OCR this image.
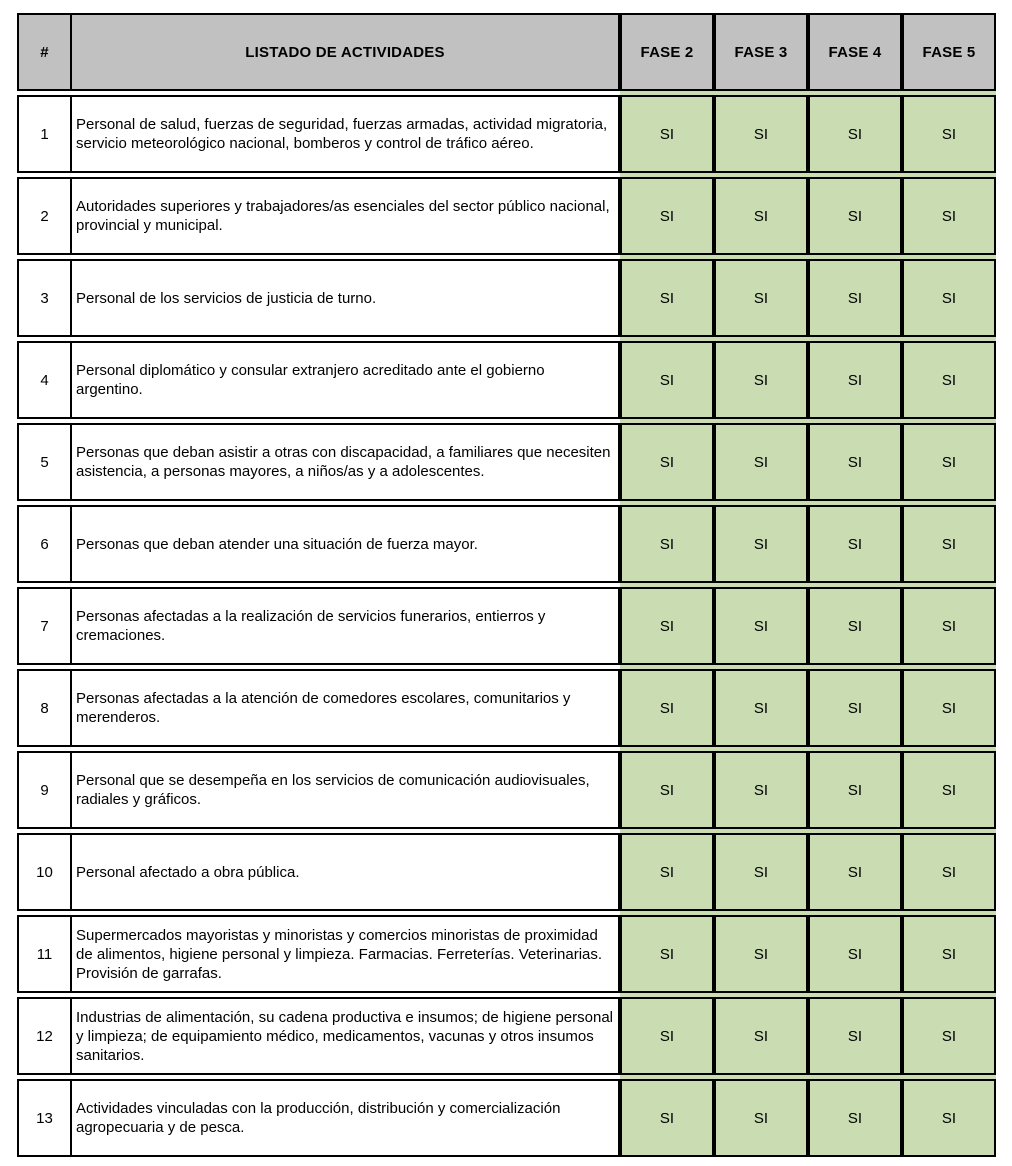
#
1
2
3
4
5
6
7
8
9
10
11
12
13
LISTADO DE ACTIVIDADES
Personal de salud, fuerzas de seguridad, fuerzas armadas, actividad migratoria, servicio meteorológico nacional, bomberos y control de tráfico aéreo.
Autoridades superiores y trabajadores/as esenciales del sector público nacional, provincial y municipal.
Personal de los servicios de justicia de turno.
Personal diplomático y consular extranjero acreditado ante el gobierno argentino.
Personas que deban asistir a otras con discapacidad, a familiares que necesiten asistencia, a personas mayores, a niños/as y a adolescentes.
Personas que deban atender una situación de fuerza mayor.
Personas afectadas a la realización de servicios funerarios, entierros y cremaciones.
Personas afectadas a la atención de comedores escolares, comunitarios y merenderos.
Personal que se desempeña en los servicios de comunicación audiovisuales, radiales y gráficos.
Personal afectado a obra pública.
Supermercados mayoristas y minoristas y comercios minoristas de proximidad de alimentos, higiene personal y limpieza. Farmacias. Ferreterías. Veterinarias. Provisión de garrafas.
Industrias de alimentación, su cadena productiva e insumos; de higiene personal y limpieza; de equipamiento médico, medicamentos, vacunas y otros insumos sanitarios.
Actividades vinculadas con la producción, distribución y comercialización agropecuaria y de pesca.
FASE 2
SI
SI
SI
SI
SI
SI
SI
SI
SI
SI
SI
SI
SI
FASE 3
SI
SI
SI
SI
SI
SI
SI
SI
SI
SI
SI
SI
SI
FASE 4
SI
SI
SI
SI
SI
SI
SI
SI
SI
SI
SI
SI
SI
FASE 5
SI
SI
SI
SI
SI
SI
SI
SI
SI
SI
SI
SI
SI
